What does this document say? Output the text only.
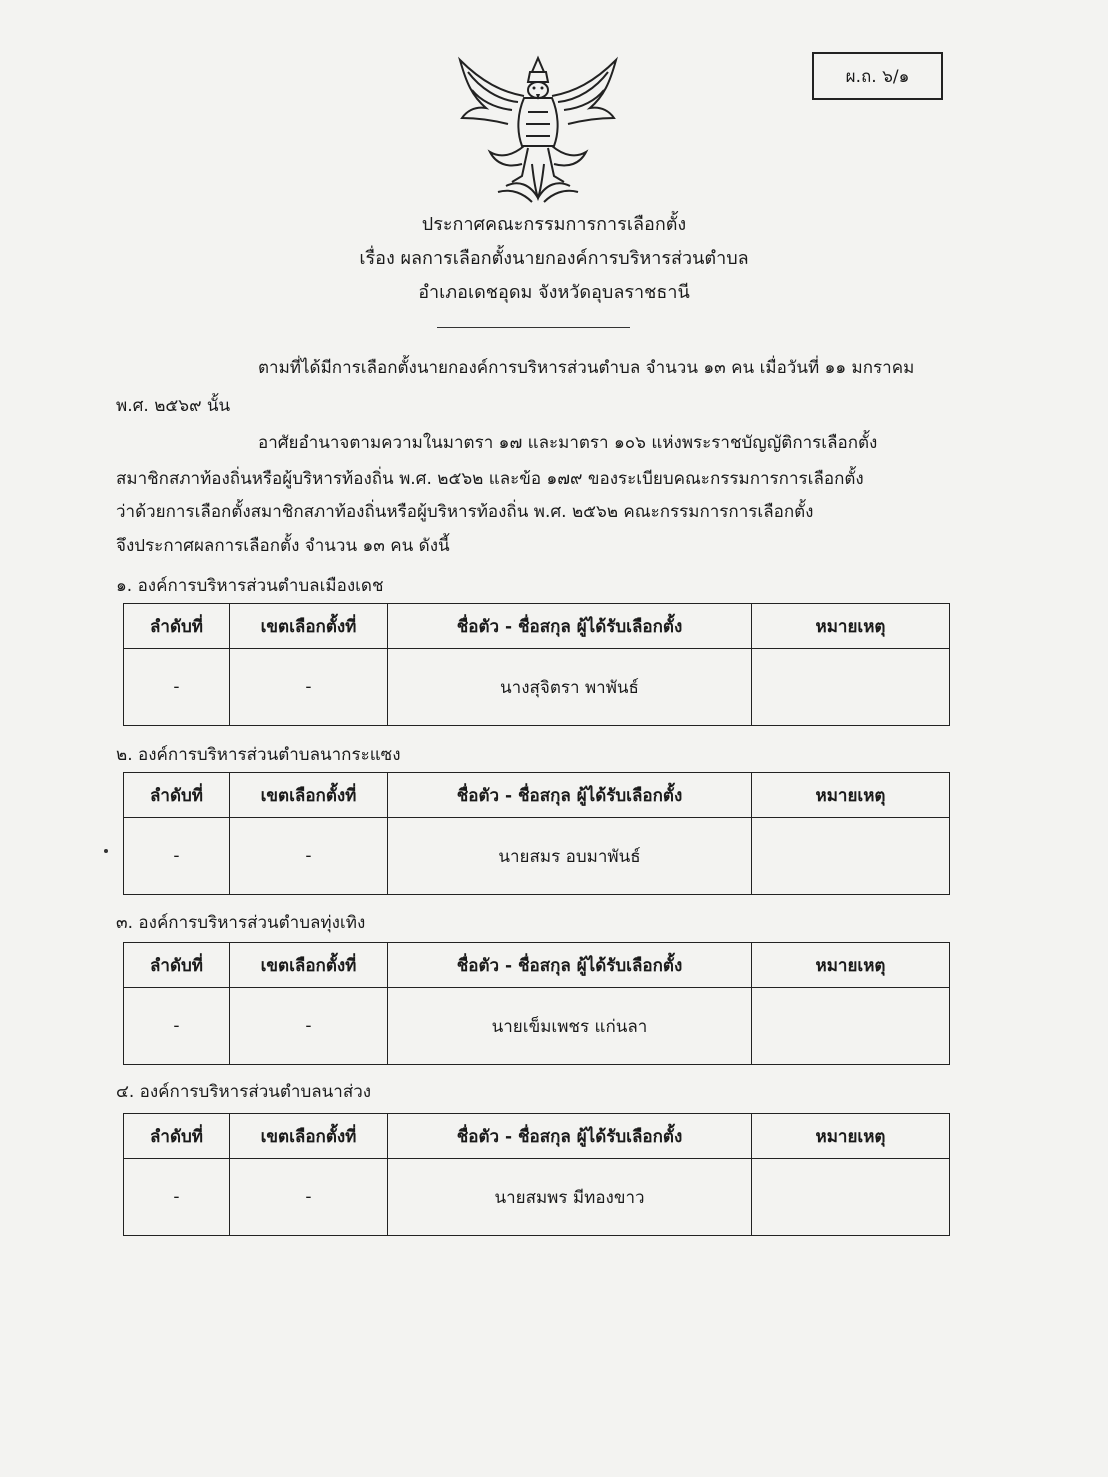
ผ.ถ. ๖/๑
ประกาศคณะกรรมการการเลือกตั้ง
เรื่อง ผลการเลือกตั้งนายกองค์การบริหารส่วนตำบล
อำเภอเดชอุดม จังหวัดอุบลราชธานี
ตามที่ได้มีการเลือกตั้งนายกองค์การบริหารส่วนตำบล จำนวน ๑๓ คน เมื่อวันที่ ๑๑ มกราคม
พ.ศ. ๒๕๖๙ นั้น
อาศัยอำนาจตามความในมาตรา ๑๗ และมาตรา ๑๐๖ แห่งพระราชบัญญัติการเลือกตั้ง
สมาชิกสภาท้องถิ่นหรือผู้บริหารท้องถิ่น พ.ศ. ๒๕๖๒ และข้อ ๑๗๙ ของระเบียบคณะกรรมการการเลือกตั้ง
ว่าด้วยการเลือกตั้งสมาชิกสภาท้องถิ่นหรือผู้บริหารท้องถิ่น พ.ศ. ๒๕๖๒ คณะกรรมการการเลือกตั้ง
จึงประกาศผลการเลือกตั้ง จำนวน ๑๓ คน ดังนี้
๑. องค์การบริหารส่วนตำบลเมืองเดช
ลำดับที่	เขตเลือกตั้งที่	ชื่อตัว - ชื่อสกุล ผู้ได้รับเลือกตั้ง	หมายเหตุ
-	-	นางสุจิตรา พาพันธ์	
๒. องค์การบริหารส่วนตำบลนากระแซง
ลำดับที่	เขตเลือกตั้งที่	ชื่อตัว - ชื่อสกุล ผู้ได้รับเลือกตั้ง	หมายเหตุ
-	-	นายสมร อบมาพันธ์	
๓. องค์การบริหารส่วนตำบลทุ่งเทิง
ลำดับที่	เขตเลือกตั้งที่	ชื่อตัว - ชื่อสกุล ผู้ได้รับเลือกตั้ง	หมายเหตุ
-	-	นายเข็มเพชร แก่นลา	
๔. องค์การบริหารส่วนตำบลนาส่วง
ลำดับที่	เขตเลือกตั้งที่	ชื่อตัว - ชื่อสกุล ผู้ได้รับเลือกตั้ง	หมายเหตุ
-	-	นายสมพร มีทองขาว	
